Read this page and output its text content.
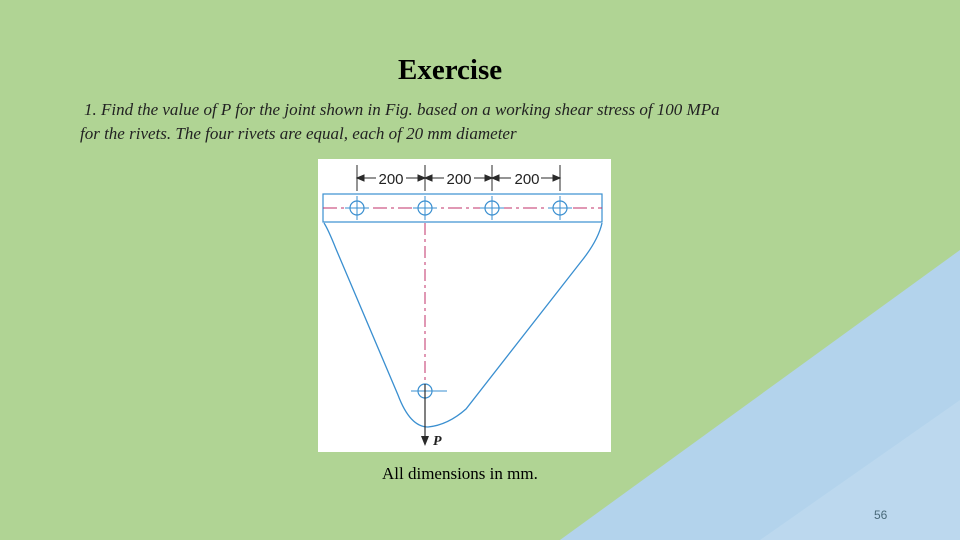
Exercise
1. Find the value of P for the joint shown in Fig. based on a working shear stress of 100 MPa
for the rivets. The four rivets are equal, each of 20 mm diameter
200	200	200
P
All dimensions in mm.
56
